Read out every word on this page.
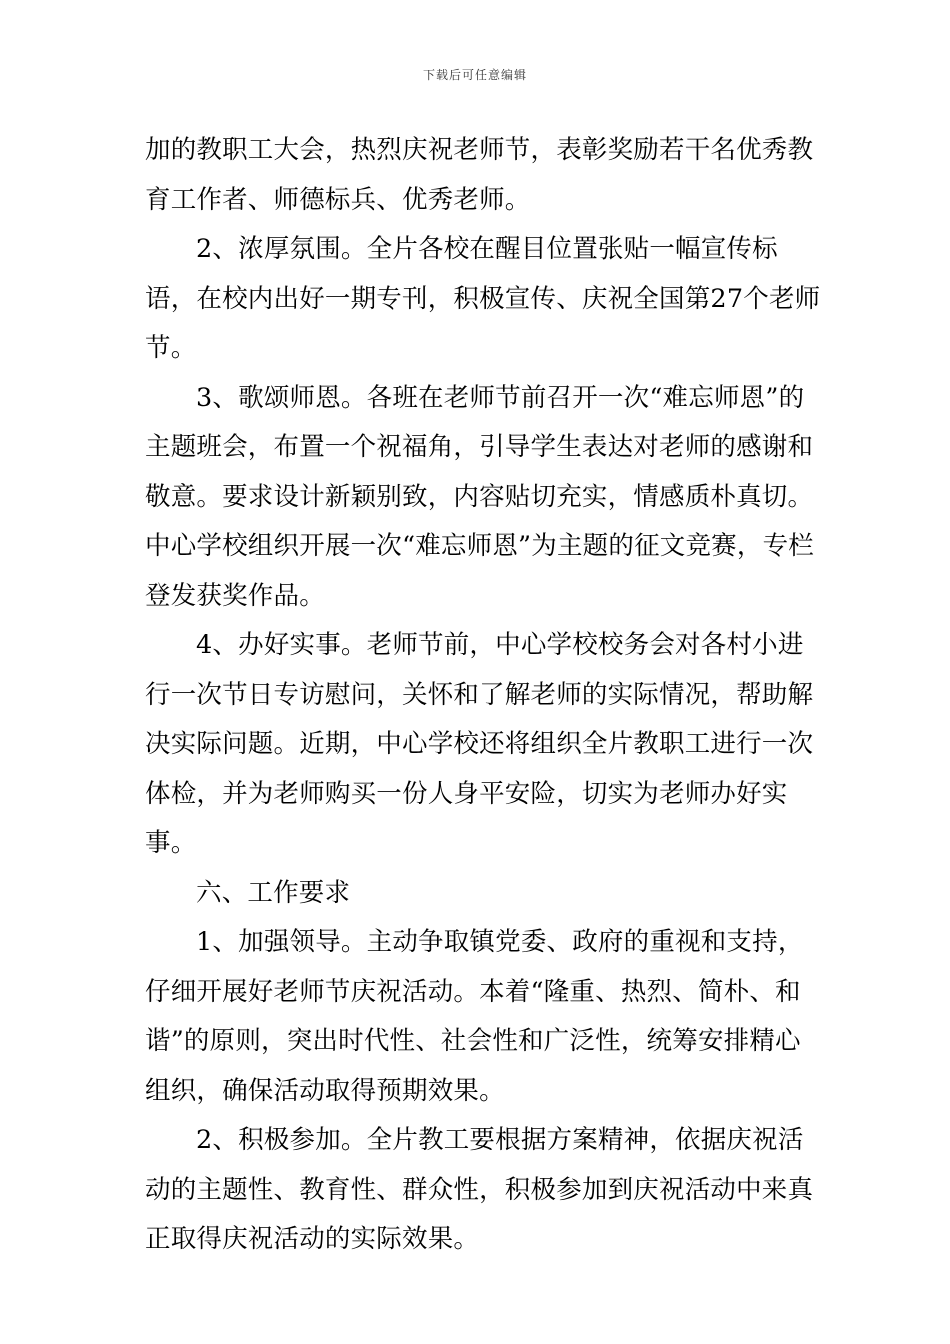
下载后可任意编辑

加的教职工大会，热烈庆祝老师节，表彰奖励若干名优秀教育工作者、师德标兵、优秀老师。

2、浓厚氛围。全片各校在醒目位置张贴一幅宣传标语，在校内出好一期专刊，积极宣传、庆祝全国第27个老师节。

3、歌颂师恩。各班在老师节前召开一次“难忘师恩”的主题班会，布置一个祝福角，引导学生表达对老师的感谢和敬意。要求设计新颖别致，内容贴切充实，情感质朴真切。中心学校组织开展一次“难忘师恩”为主题的征文竞赛，专栏登发获奖作品。

4、办好实事。老师节前，中心学校校务会对各村小进行一次节日专访慰问，关怀和了解老师的实际情况，帮助解决实际问题。近期，中心学校还将组织全片教职工进行一次体检，并为老师购买一份人身平安险，切实为老师办好实事。

六、工作要求

1、加强领导。主动争取镇党委、政府的重视和支持，仔细开展好老师节庆祝活动。本着“隆重、热烈、简朴、和谐”的原则，突出时代性、社会性和广泛性，统筹安排精心组织，确保活动取得预期效果。

2、积极参加。全片教工要根据方案精神，依据庆祝活动的主题性、教育性、群众性，积极参加到庆祝活动中来真正取得庆祝活动的实际效果。
